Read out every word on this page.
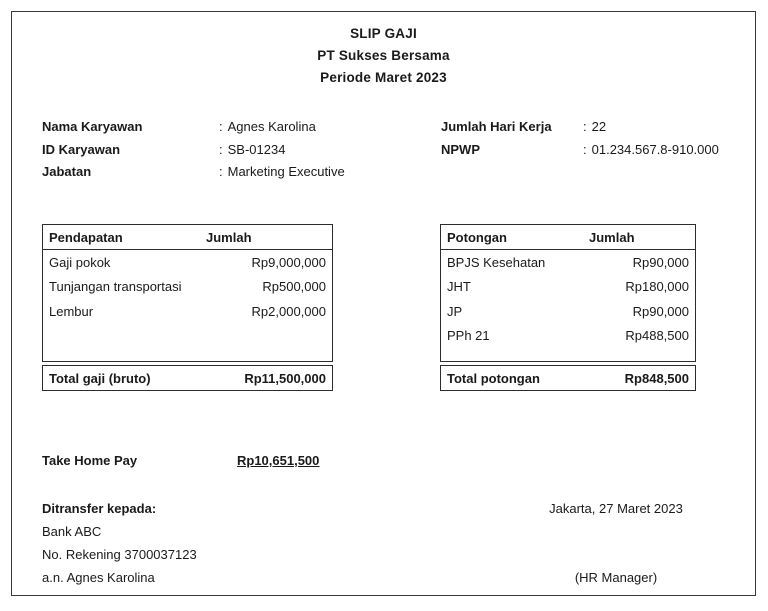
SLIP GAJI
PT Sukses Bersama
Periode Maret 2023
Nama Karyawan	: Agnes Karolina
ID Karyawan	: SB-01234
Jabatan	: Marketing Executive
Jumlah Hari Kerja : 22
NPWP	: 01.234.567.8-910.000
Pendapatan	Jumlah
Gaji pokok	Rp9,000,000
Tunjangan transportasi	Rp500,000
Lembur	Rp2,000,000
Total gaji (bruto)	Rp11,500,000
Potongan	Jumlah
BPJS Kesehatan	Rp90,000
JHT	Rp180,000
JP	Rp90,000
PPh 21	Rp488,500
Total potongan	Rp848,500
Take Home Pay	Rp10,651,500
Ditransfer kepada:
Bank ABC
No. Rekening 3700037123
a.n. Agnes Karolina
Jakarta, 27 Maret 2023
(HR Manager)
